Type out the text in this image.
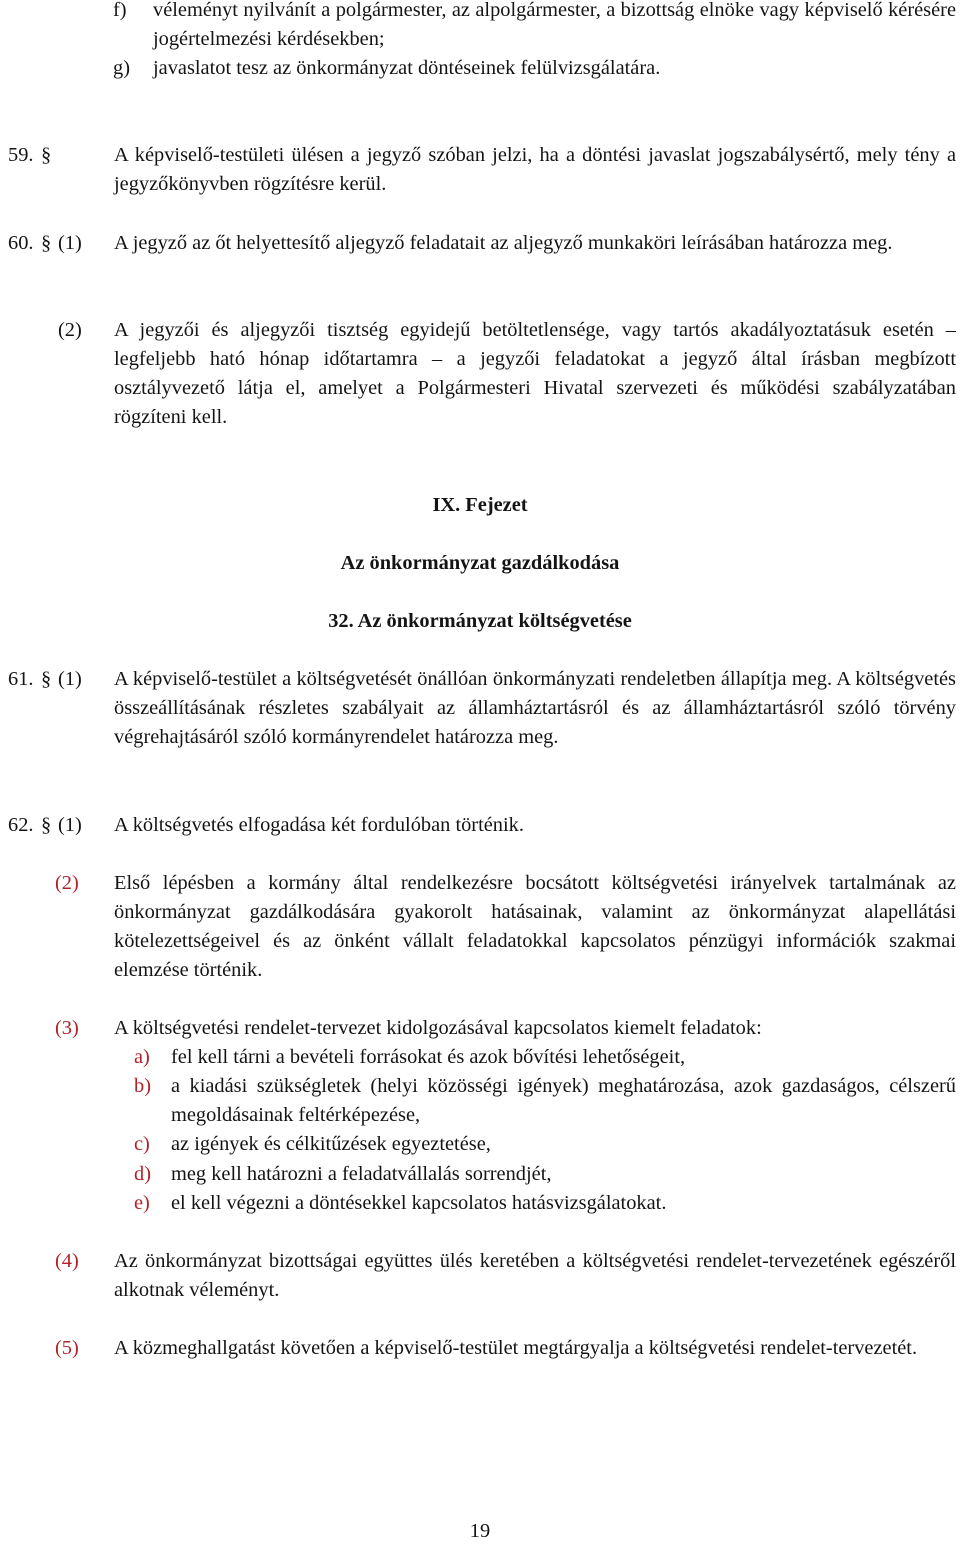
f) véleményt nyilvánít a polgármester, az alpolgármester, a bizottság elnöke vagy képviselő kérésére jogértelmezési kérdésekben;
g) javaslatot tesz az önkormányzat döntéseinek felülvizsgálatára.
59. §	A képviselő-testületi ülésen a jegyző szóban jelzi, ha a döntési javaslat jogszabálysértő, mely tény a jegyzőkönyvben rögzítésre kerül.
60. § (1) A jegyző az őt helyettesítő aljegyző feladatait az aljegyző munkaköri leírásában határozza meg.
(2) A jegyzői és aljegyzői tisztség egyidejű betöltetlensége, vagy tartós akadályoztatásuk esetén – legfeljebb ható hónap időtartamra – a jegyzői feladatokat a jegyző által írásban megbízott osztályvezető látja el, amelyet a Polgármesteri Hivatal szervezeti és működési szabályzatában rögzíteni kell.
IX. Fejezet
Az önkormányzat gazdálkodása
32. Az önkormányzat költségvetése
61. § (1) A képviselő-testület a költségvetését önállóan önkormányzati rendeletben állapítja meg. A költségvetés összeállításának részletes szabályait az államháztartásról és az államháztartásról szóló törvény végrehajtásáról szóló kormányrendelet határozza meg.
62. § (1) A költségvetés elfogadása két fordulóban történik.
(2) Első lépésben a kormány által rendelkezésre bocsátott költségvetési irányelvek tartalmának az önkormányzat gazdálkodására gyakorolt hatásainak, valamint az önkormányzat alapellátási kötelezettségeivel és az önként vállalt feladatokkal kapcsolatos pénzügyi információk szakmai elemzése történik.
(3) A költségvetési rendelet-tervezet kidolgozásával kapcsolatos kiemelt feladatok:
a) fel kell tárni a bevételi forrásokat és azok bővítési lehetőségeit,
b) a kiadási szükségletek (helyi közösségi igények) meghatározása, azok gazdaságos, célszerű megoldásainak feltérképezése,
c) az igények és célkitűzések egyeztetése,
d) meg kell határozni a feladatvállalás sorrendjét,
e) el kell végezni a döntésekkel kapcsolatos hatásvizsgálatokat.
(4) Az önkormányzat bizottságai együttes ülés keretében a költségvetési rendelet-tervezetének egészéről alkotnak véleményt.
(5) A közmeghallgatást követően a képviselő-testület megtárgyalja a költségvetési rendelet-tervezetét.
19
